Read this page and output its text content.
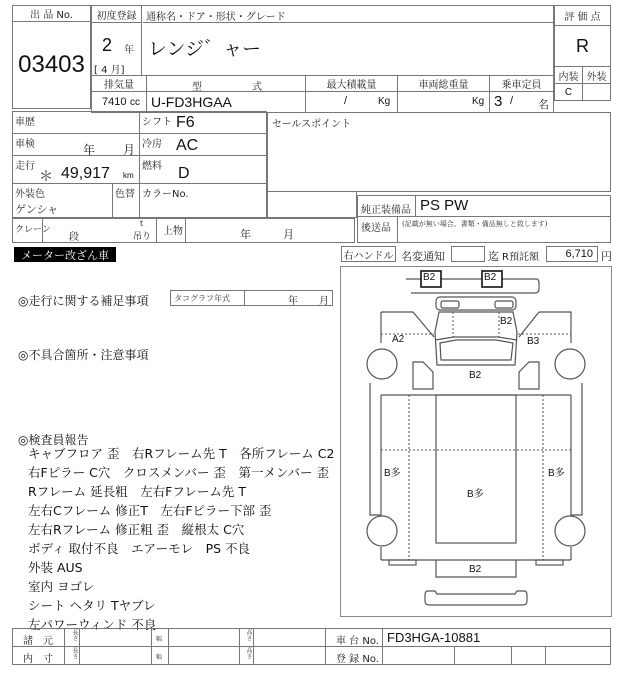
出 品 No.
03403
初度登録 通称名・ドア・形状・グレード
2 年
[ 4 月]
レンジ゛ャー
排気量	型	式	最大積載量	車両総重量	乗車定員
7410 cc U-FD3HGAA	/	Kg	Kg 3 / 名
評 価 点
R
内装 外装
C
車歴	シフト F6
車検	年 月 冷房 AC
走行
＊ 49,917 km
燃料 D
外装色
ゲンシャ
色替 カラーNo.
セールスポイント
クレーン
段
t
吊り	上物	年	月
純正装備品 PS PW
後送品	(記載が無い場合、書類・備品無しと致します)
メーター改ざん車	右ハンドル 名変通知	迄 R預託額	6,710 円
◎走行に関する補足事項	タコグラフ年式	年 月
◎不具合箇所・注意事項
◎検査員報告
キャブフロア 歪　右Rフレーム先 T　各所フレーム C2
右Fピラー C穴　クロスメンバー 歪　第一メンバー 歪
Rフレーム 延長粗　左右Fフレーム先 T
左右Cフレーム 修正T　左右Fピラー下部 歪
左右Rフレーム 修正粗 歪　縦根太 C穴
ボディ 取付不良　エアーモレ　PS 不良
外装 AUS
室内 ヨゴレ
シート ヘタリ Tヤブレ
左パワーウィンド 不良
B2	B2
B2
A2	B3
B2
B多
B多
B多
B2
諸　元
長さ	幅	高さ
車 台 No. FD3HGA-10881
内　寸
長さ	幅	高さ
登 録 No.
